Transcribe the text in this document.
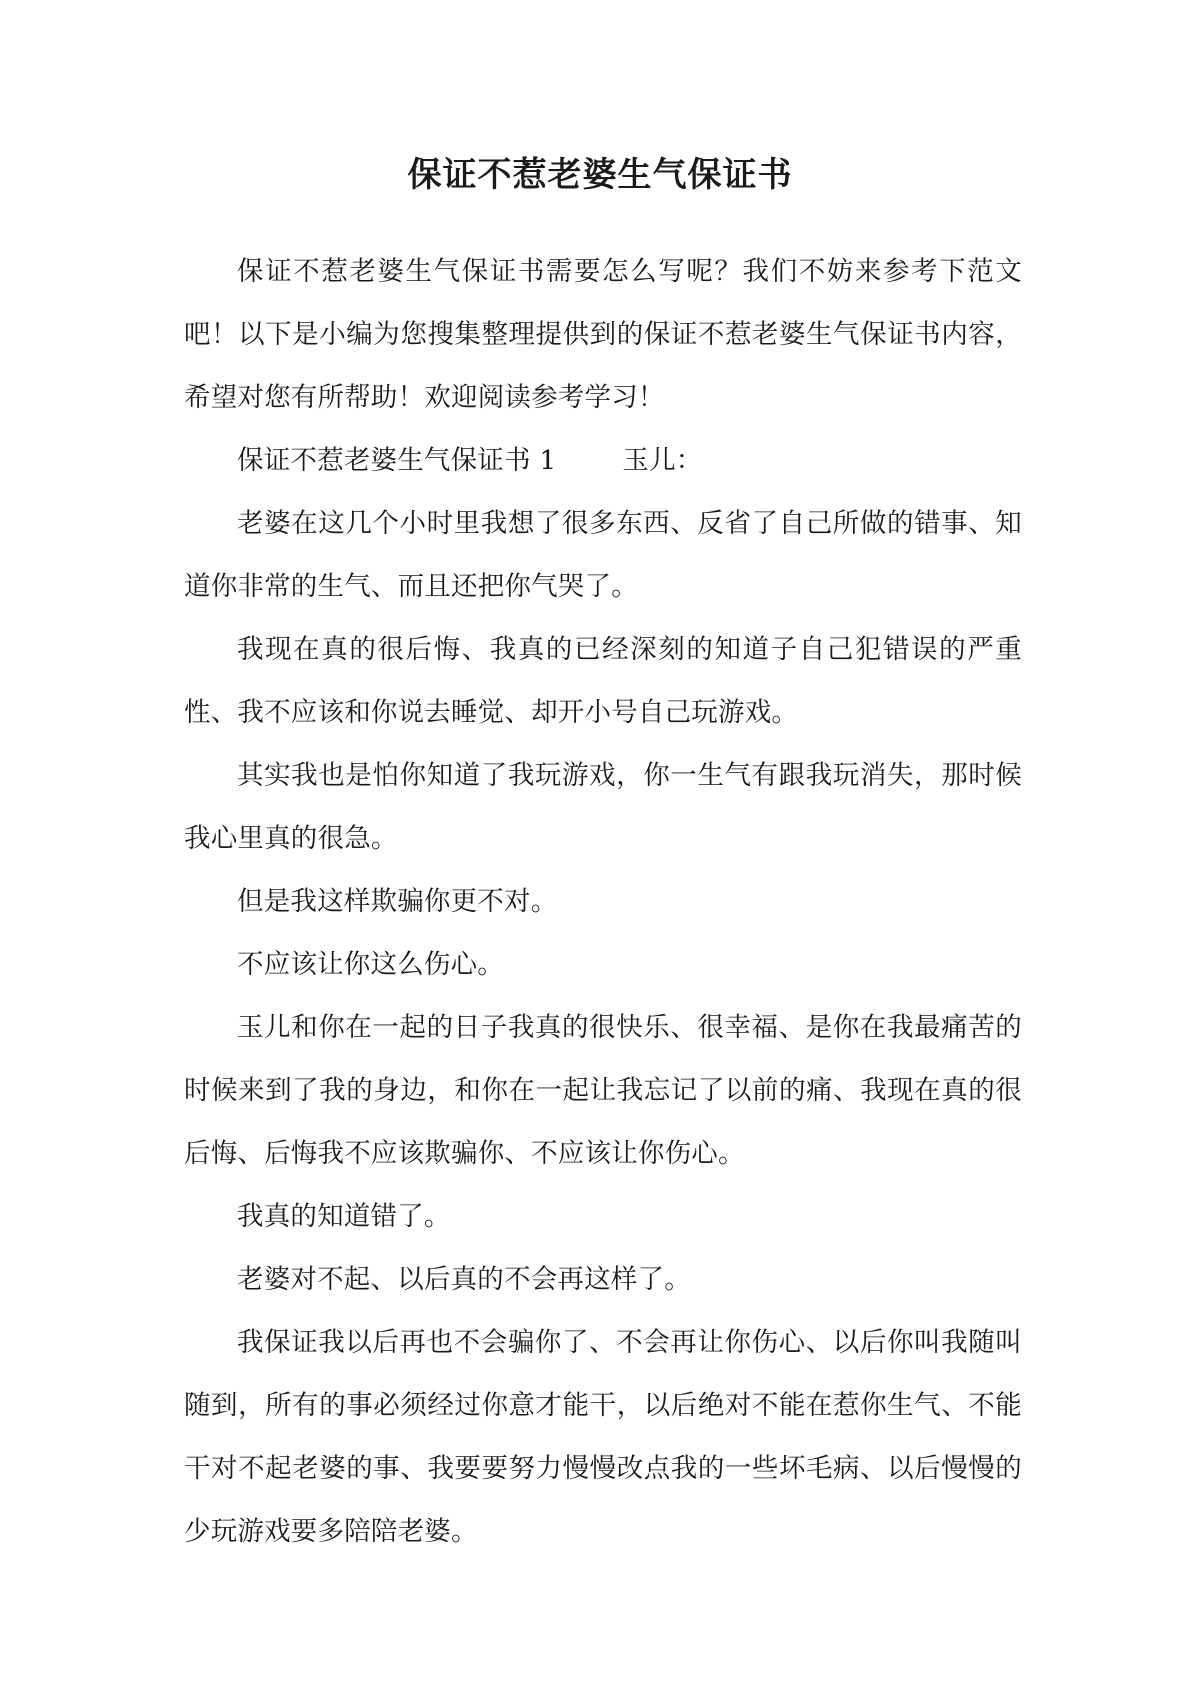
保证不惹老婆生气保证书

保证不惹老婆生气保证书需要怎么写呢？我们不妨来参考下范文吧！以下是小编为您搜集整理提供到的保证不惹老婆生气保证书内容，希望对您有所帮助！欢迎阅读参考学习！

保证不惹老婆生气保证书 1 玉儿：

老婆在这几个小时里我想了很多东西、反省了自己所做的错事、知道你非常的生气、而且还把你气哭了。

我现在真的很后悔、我真的已经深刻的知道子自己犯错误的严重性、我不应该和你说去睡觉、却开小号自己玩游戏。

其实我也是怕你知道了我玩游戏，你一生气有跟我玩消失，那时候我心里真的很急。

但是我这样欺骗你更不对。

不应该让你这么伤心。

玉儿和你在一起的日子我真的很快乐、很幸福、是你在我最痛苦的时候来到了我的身边，和你在一起让我忘记了以前的痛、我现在真的很后悔、后悔我不应该欺骗你、不应该让你伤心。

我真的知道错了。

老婆对不起、以后真的不会再这样了。

我保证我以后再也不会骗你了、不会再让你伤心、以后你叫我随叫随到，所有的事必须经过你意才能干，以后绝对不能在惹你生气、不能干对不起老婆的事、我要要努力慢慢改点我的一些坏毛病、以后慢慢的少玩游戏要多陪陪老婆。
